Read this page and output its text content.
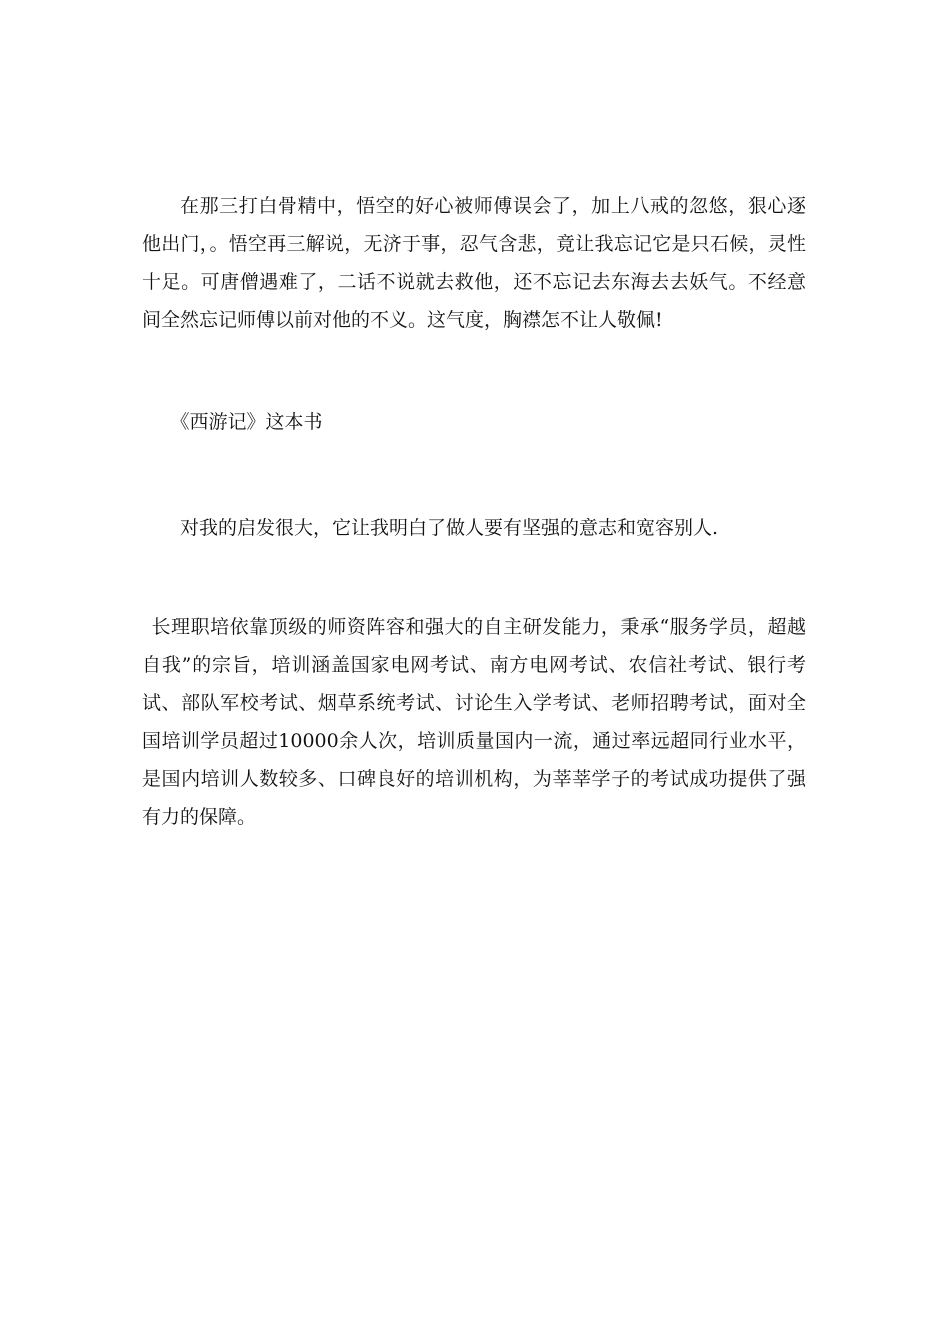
在那三打白骨精中，悟空的好心被师傅误会了，加上八戒的忽悠，狠心逐他出门，。悟空再三解说，无济于事，忍气含悲，竟让我忘记它是只石候，灵性十足。可唐僧遇难了，二话不说就去救他，还不忘记去东海去去妖气。不经意间全然忘记师傅以前对他的不义。这气度，胸襟怎不让人敬佩!

《西游记》这本书

对我的启发很大，它让我明白了做人要有坚强的意志和宽容别人.

长理职培依靠顶级的师资阵容和强大的自主研发能力，秉承“服务学员，超越自我”的宗旨，培训涵盖国家电网考试、南方电网考试、农信社考试、银行考试、部队军校考试、烟草系统考试、讨论生入学考试、老师招聘考试，面对全国培训学员超过10000余人次，培训质量国内一流，通过率远超同行业水平，是国内培训人数较多、口碑良好的培训机构，为莘莘学子的考试成功提供了强有力的保障。
